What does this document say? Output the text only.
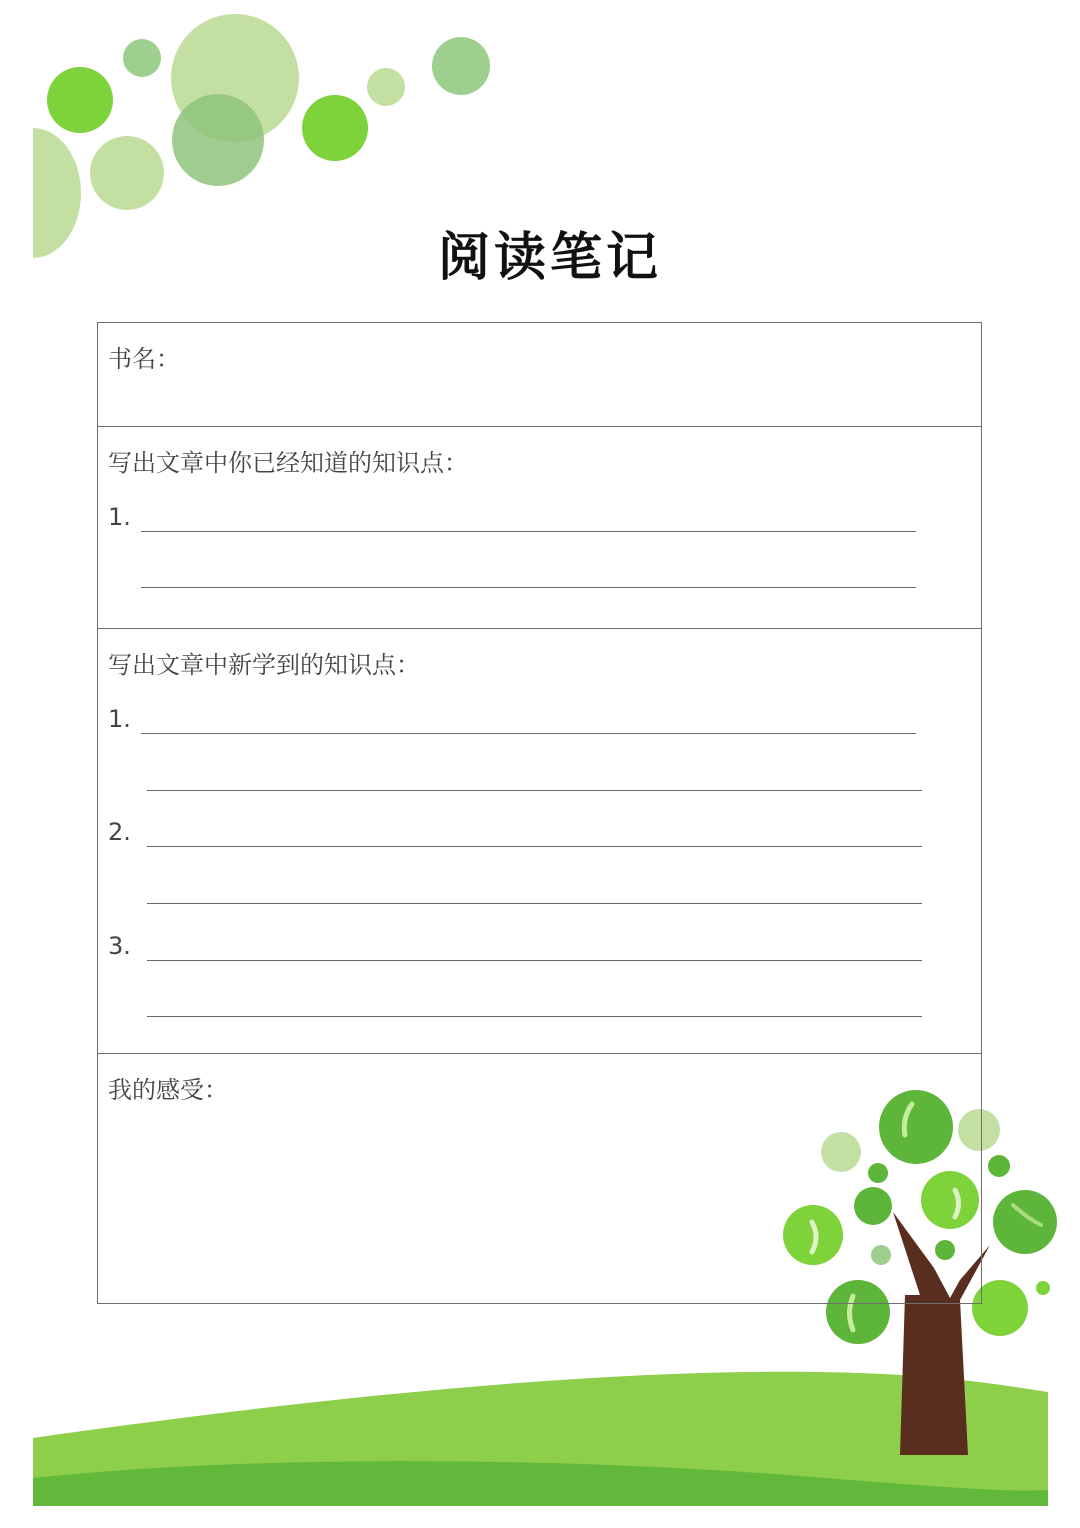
阅读笔记
书名：
写出文章中你已经知道的知识点：
1.
写出文章中新学到的知识点：
1.
2.
3.
我的感受：
